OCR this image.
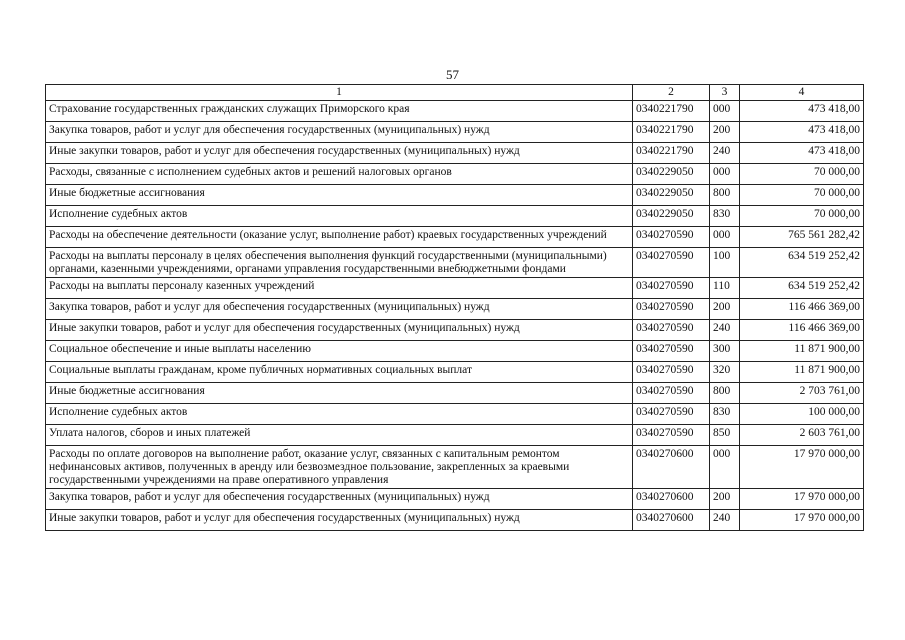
57
1	2	3	4
Страхование государственных гражданских служащих Приморского края	0340221790	000	473 418,00
Закупка товаров, работ и услуг для обеспечения государственных (муниципальных) нужд	0340221790	200	473 418,00
Иные закупки товаров, работ и услуг для обеспечения государственных (муниципальных) нужд	0340221790	240	473 418,00
Расходы, связанные с исполнением судебных актов и решений налоговых органов	0340229050	000	70 000,00
Иные бюджетные ассигнования	0340229050	800	70 000,00
Исполнение судебных актов	0340229050	830	70 000,00
Расходы на обеспечение деятельности (оказание услуг, выполнение работ) краевых государственных учреждений	0340270590	000	765 561 282,42
Расходы на выплаты персоналу в целях обеспечения выполнения функций государственными (муниципальными) органами, казенными учреждениями, органами управления государственными внебюджетными фондами	0340270590	100	634 519 252,42
Расходы на выплаты персоналу казенных учреждений	0340270590	110	634 519 252,42
Закупка товаров, работ и услуг для обеспечения государственных (муниципальных) нужд	0340270590	200	116 466 369,00
Иные закупки товаров, работ и услуг для обеспечения государственных (муниципальных) нужд	0340270590	240	116 466 369,00
Социальное обеспечение и иные выплаты населению	0340270590	300	11 871 900,00
Социальные выплаты гражданам, кроме публичных нормативных социальных выплат	0340270590	320	11 871 900,00
Иные бюджетные ассигнования	0340270590	800	2 703 761,00
Исполнение судебных актов	0340270590	830	100 000,00
Уплата налогов, сборов и иных платежей	0340270590	850	2 603 761,00
Расходы по оплате договоров на выполнение работ, оказание услуг, связанных с капитальным ремонтом нефинансовых активов, полученных в аренду или безвозмездное пользование, закрепленных за краевыми государственными учреждениями на праве оперативного управления	0340270600	000	17 970 000,00
Закупка товаров, работ и услуг для обеспечения государственных (муниципальных) нужд	0340270600	200	17 970 000,00
Иные закупки товаров, работ и услуг для обеспечения государственных (муниципальных) нужд	0340270600	240	17 970 000,00
